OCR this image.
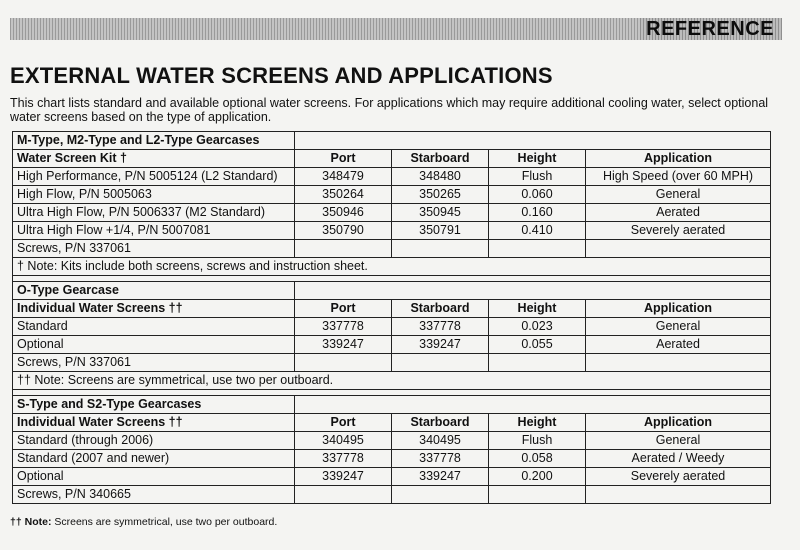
REFERENCE
EXTERNAL WATER SCREENS AND APPLICATIONS

This chart lists standard and available optional water screens. For applications which may require additional cooling water, select optional water screens based on the type of application.

M-Type, M2-Type and L2-Type Gearcases				
Water Screen Kit †	Port	Starboard	Height	Application
High Performance, P/N 5005124 (L2 Standard)	348479	348480	Flush	High Speed (over 60 MPH)
High Flow, P/N 5005063	350264	350265	0.060	General
Ultra High Flow, P/N 5006337 (M2 Standard)	350946	350945	0.160	Aerated
Ultra High Flow +1/4, P/N 5007081	350790	350791	0.410	Severely aerated
Screws, P/N 337061				
† Note: Kits include both screens, screws and instruction sheet.				

O-Type Gearcase				
Individual Water Screens ††	Port	Starboard	Height	Application
Standard	337778	337778	0.023	General
Optional	339247	339247	0.055	Aerated
Screws, P/N 337061				
†† Note: Screens are symmetrical, use two per outboard.				

S-Type and S2-Type Gearcases				
Individual Water Screens ††	Port	Starboard	Height	Application
Standard (through 2006)	340495	340495	Flush	General
Standard (2007 and newer)	337778	337778	0.058	Aerated / Weedy
Optional	339247	339247	0.200	Severely aerated
Screws, P/N 340665				

†† Note: Screens are symmetrical, use two per outboard.
